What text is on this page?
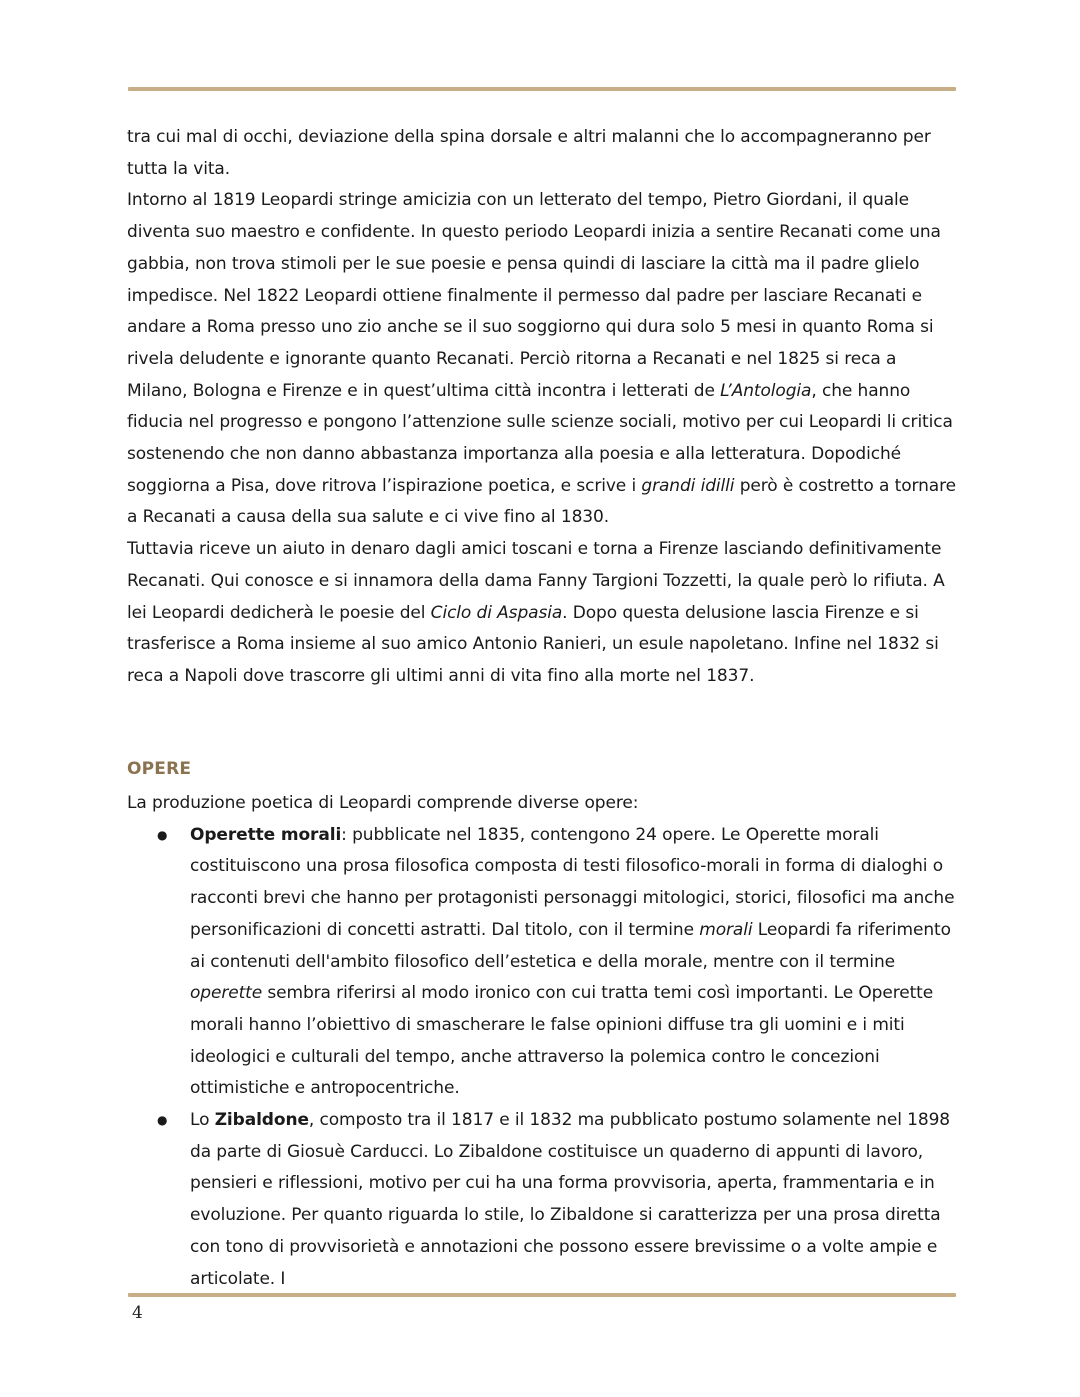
tra cui mal di occhi, deviazione della spina dorsale e altri malanni che lo accompagneranno per tutta la vita.

Intorno al 1819 Leopardi stringe amicizia con un letterato del tempo, Pietro Giordani, il quale diventa suo maestro e confidente. In questo periodo Leopardi inizia a sentire Recanati come una gabbia, non trova stimoli per le sue poesie e pensa quindi di lasciare la città ma il padre glielo impedisce. Nel 1822 Leopardi ottiene finalmente il permesso dal padre per lasciare Recanati e andare a Roma presso uno zio anche se il suo soggiorno qui dura solo 5 mesi in quanto Roma si rivela deludente e ignorante quanto Recanati. Perciò ritorna a Recanati e nel 1825 si reca a Milano, Bologna e Firenze e in quest’ultima città incontra i letterati de L’Antologia, che hanno fiducia nel progresso e pongono l’attenzione sulle scienze sociali, motivo per cui Leopardi li critica sostenendo che non danno abbastanza importanza alla poesia e alla letteratura. Dopodiché soggiorna a Pisa, dove ritrova l’ispirazione poetica, e scrive i grandi idilli però è costretto a tornare a Recanati a causa della sua salute e ci vive fino al 1830.

Tuttavia riceve un aiuto in denaro dagli amici toscani e torna a Firenze lasciando definitivamente Recanati. Qui conosce e si innamora della dama Fanny Targioni Tozzetti, la quale però lo rifiuta. A lei Leopardi dedicherà le poesie del Ciclo di Aspasia. Dopo questa delusione lascia Firenze e si trasferisce a Roma insieme al suo amico Antonio Ranieri, un esule napoletano. Infine nel 1832 si reca a Napoli dove trascorre gli ultimi anni di vita fino alla morte nel 1837.

OPERE

La produzione poetica di Leopardi comprende diverse opere:

● Operette morali: pubblicate nel 1835, contengono 24 opere. Le Operette morali costituiscono una prosa filosofica composta di testi filosofico-morali in forma di dialoghi o racconti brevi che hanno per protagonisti personaggi mitologici, storici, filosofici ma anche personificazioni di concetti astratti. Dal titolo, con il termine morali Leopardi fa riferimento ai contenuti dell'ambito filosofico dell’estetica e della morale, mentre con il termine operette sembra riferirsi al modo ironico con cui tratta temi così importanti. Le Operette morali hanno l’obiettivo di smascherare le false opinioni diffuse tra gli uomini e i miti ideologici e culturali del tempo, anche attraverso la polemica contro le concezioni ottimistiche e antropocentriche.
● Lo Zibaldone, composto tra il 1817 e il 1832 ma pubblicato postumo solamente nel 1898 da parte di Giosuè Carducci. Lo Zibaldone costituisce un quaderno di appunti di lavoro, pensieri e riflessioni, motivo per cui ha una forma provvisoria, aperta, frammentaria e in evoluzione. Per quanto riguarda lo stile, lo Zibaldone si caratterizza per una prosa diretta con tono di provvisorietà e annotazioni che possono essere brevissime o a volte ampie e articolate. I
4
